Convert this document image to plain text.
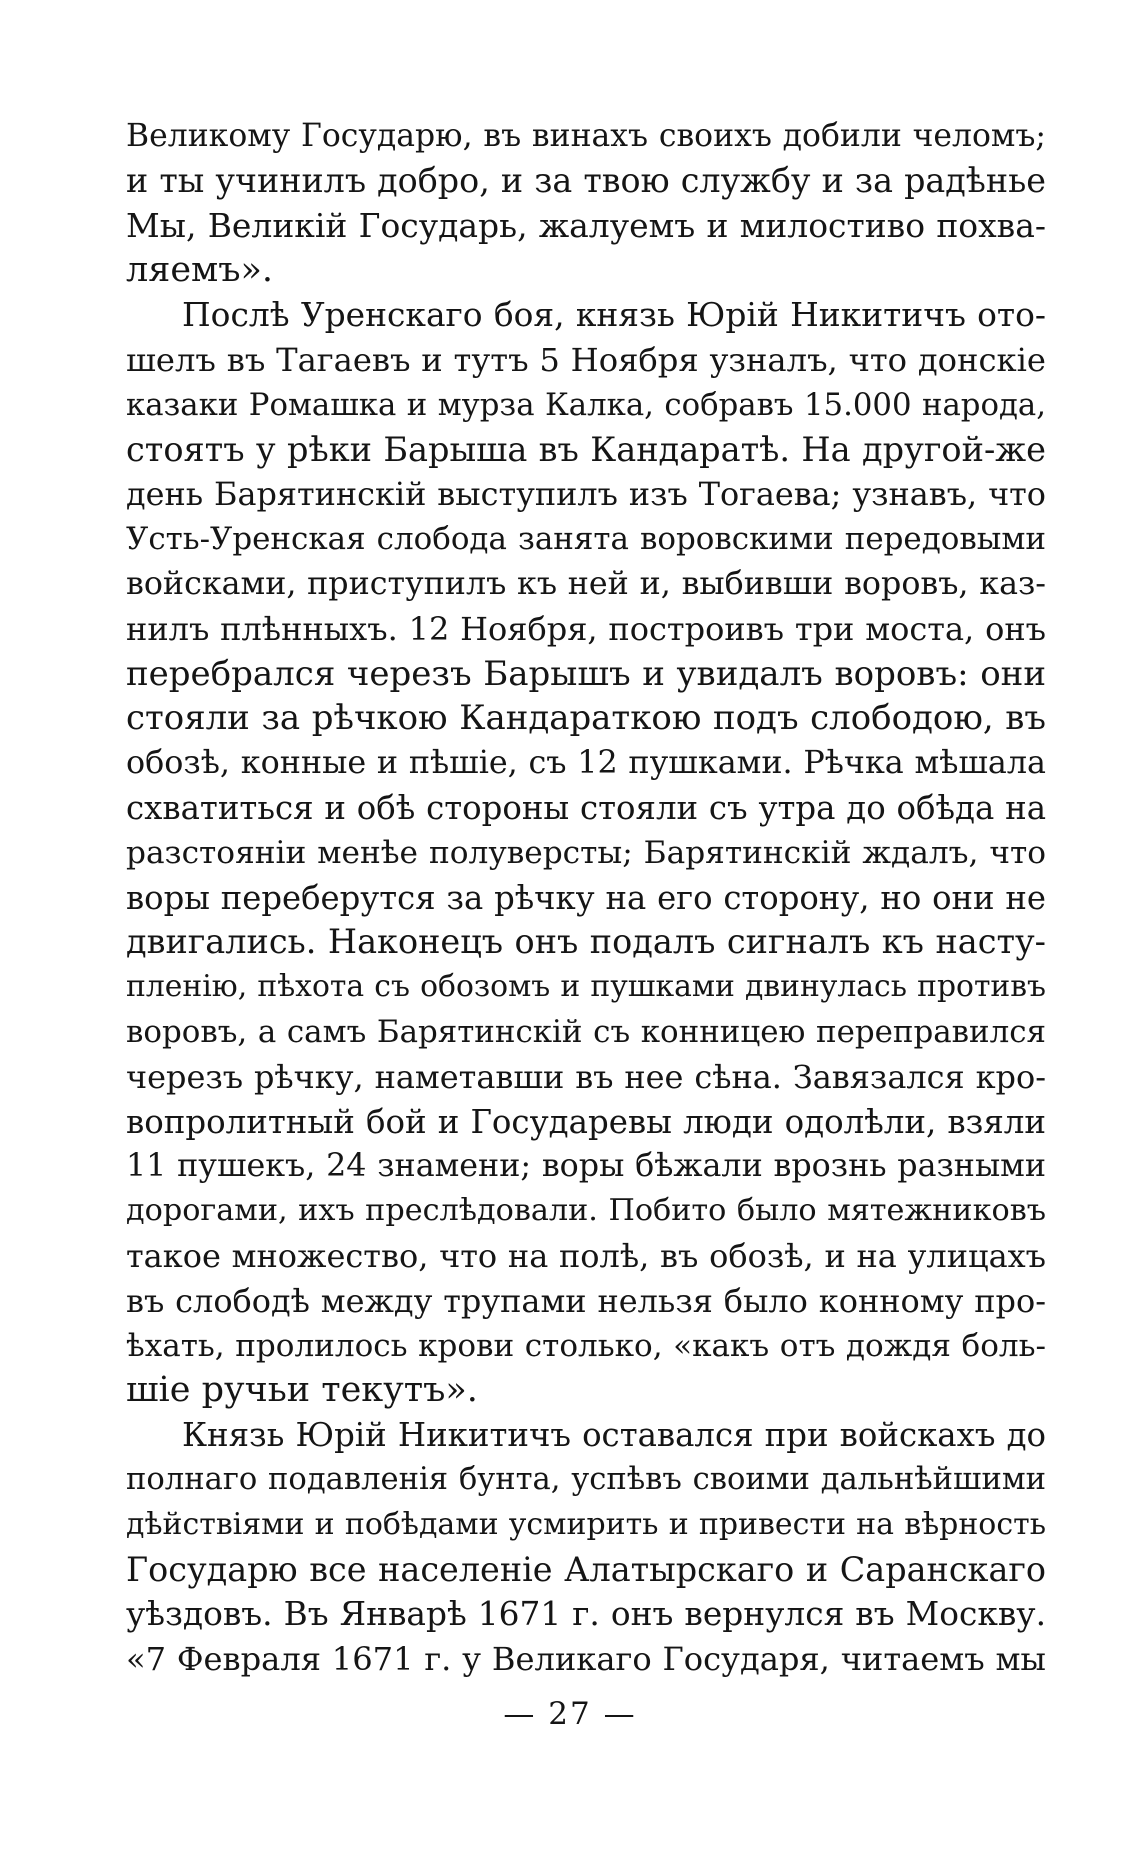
Великому Государю, въ винахъ своихъ добили челомъ;
и ты учинилъ добро, и за твою службу и за радѣнье
Мы, Великій Государь, жалуемъ и милостиво похва-
ляемъ».
Послѣ Уренскаго боя, князь Юрій Никитичъ ото-
шелъ въ Тагаевъ и тутъ 5 Ноября узналъ, что донскіе
казаки Ромашка и мурза Калка, собравъ 15.000 народа,
стоятъ у рѣки Барыша въ Кандаратѣ. На другой-же
день Барятинскій выступилъ изъ Тогаева; узнавъ, что
Усть-Уренская слобода занята воровскими передовыми
войсками, приступилъ къ ней и, выбивши воровъ, каз-
нилъ плѣнныхъ. 12 Ноября, построивъ три моста, онъ
перебрался черезъ Барышъ и увидалъ воровъ: они
стояли за рѣчкою Кандараткою подъ слободою, въ
обозѣ, конные и пѣшіе, съ 12 пушками. Рѣчка мѣшала
схватиться и обѣ стороны стояли съ утра до обѣда на
разстояніи менѣе полуверсты; Барятинскій ждалъ, что
воры переберутся за рѣчку на его сторону, но они не
двигались. Наконецъ онъ подалъ сигналъ къ насту-
пленію, пѣхота съ обозомъ и пушками двинулась противъ
воровъ, а самъ Барятинскій съ конницею переправился
черезъ рѣчку, наметавши въ нее сѣна. Завязался кро-
вопролитный бой и Государевы люди одолѣли, взяли
11 пушекъ, 24 знамени; воры бѣжали врознь разными
дорогами, ихъ преслѣдовали. Побито было мятежниковъ
такое множество, что на полѣ, въ обозѣ, и на улицахъ
въ слободѣ между трупами нельзя было конному про-
ѣхать, пролилось крови столько, «какъ отъ дождя боль-
шіе ручьи текутъ».
Князь Юрій Никитичъ оставался при войскахъ до
полнаго подавленія бунта, успѣвъ своими дальнѣйшими
дѣйствіями и побѣдами усмирить и привести на вѣрность
Государю все населеніе Алатырскаго и Саранскаго
уѣздовъ. Въ Январѣ 1671 г. онъ вернулся въ Москву.
«7 Февраля 1671 г. у Великаго Государя, читаемъ мы
— 27 —
